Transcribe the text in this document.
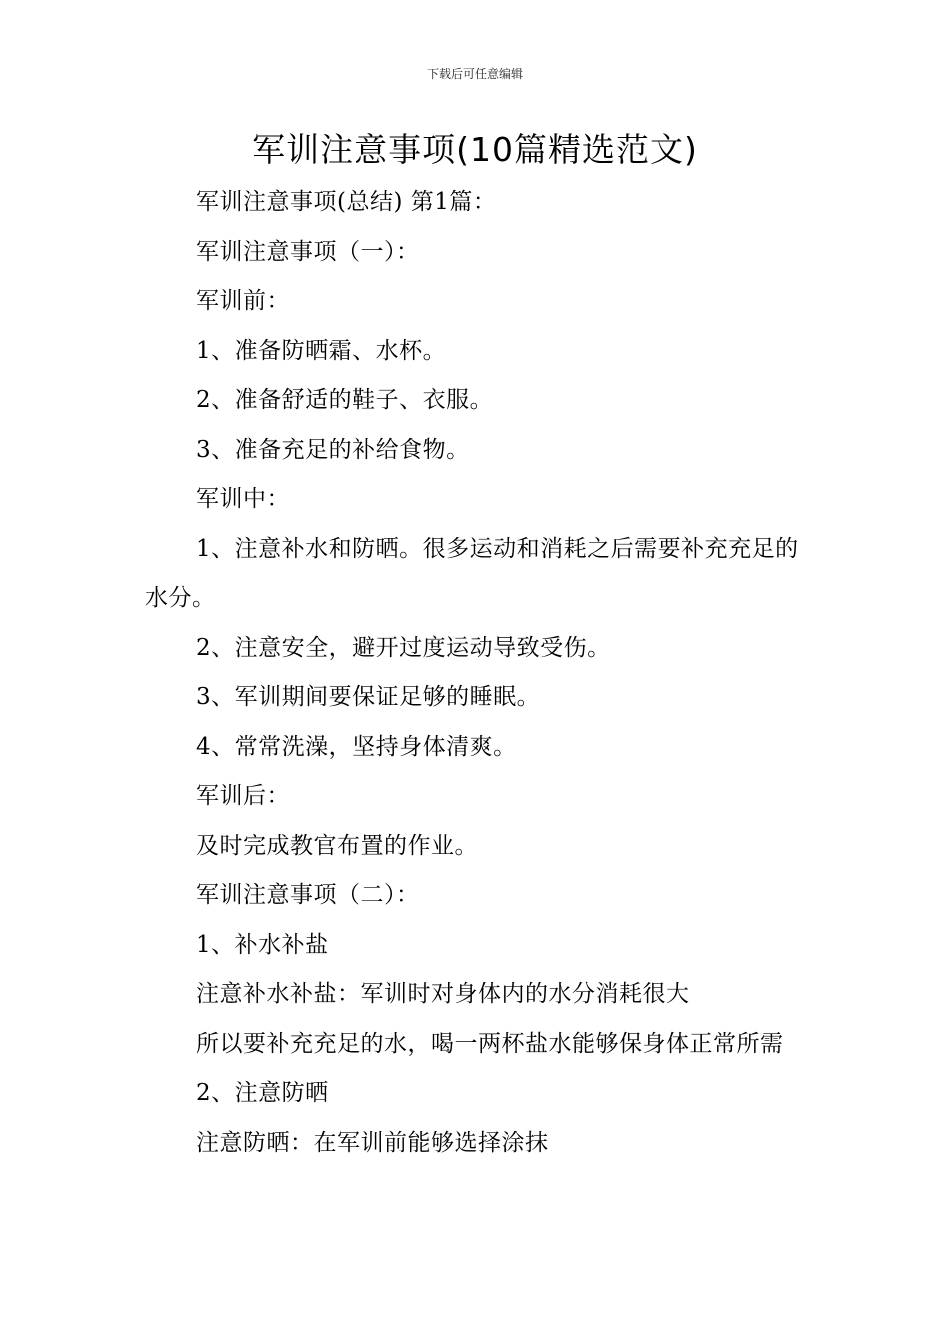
下载后可任意编辑
军训注意事项(10篇精选范文)

军训注意事项(总结) 第1篇：

军训注意事项（一）：

军训前：

1、准备防晒霜、水杯。

2、准备舒适的鞋子、衣服。

3、准备充足的补给食物。

军训中：

1、注意补水和防晒。很多运动和消耗之后需要补充充足的水分。

2、注意安全，避开过度运动导致受伤。

3、军训期间要保证足够的睡眠。

4、常常洗澡，坚持身体清爽。

军训后：

及时完成教官布置的作业。

军训注意事项（二）：

1、补水补盐

注意补水补盐：军训时对身体内的水分消耗很大

所以要补充充足的水，喝一两杯盐水能够保身体正常所需

2、注意防晒

注意防晒：在军训前能够选择涂抹
